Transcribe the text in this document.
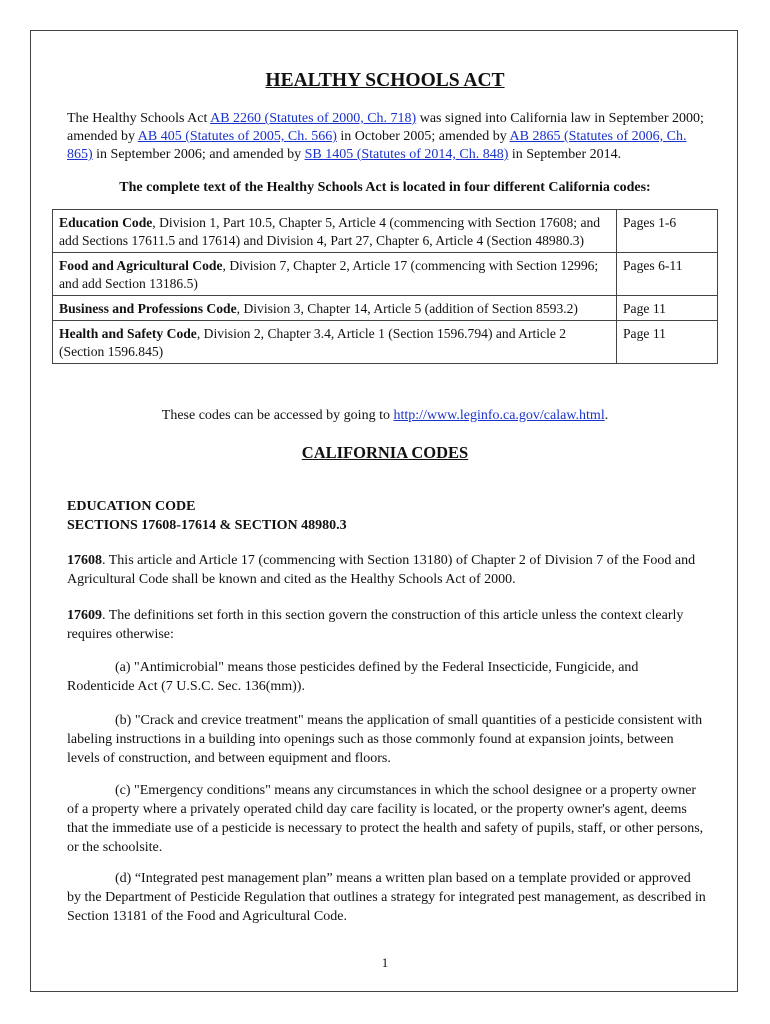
HEALTHY SCHOOLS ACT
The Healthy Schools Act AB 2260 (Statutes of 2000, Ch. 718) was signed into California law in September 2000; amended by AB 405 (Statutes of 2005, Ch. 566) in October 2005; amended by AB 2865 (Statutes of 2006, Ch. 865) in September 2006; and amended by SB 1405 (Statutes of 2014, Ch. 848) in September 2014.
The complete text of the Healthy Schools Act is located in four different California codes:
Education Code, Division 1, Part 10.5, Chapter 5, Article 4 (commencing with Section 17608; and add Sections 17611.5 and 17614) and Division 4, Part 27, Chapter 6, Article 4 (Section 48980.3)	Pages 1-6
Food and Agricultural Code, Division 7, Chapter 2, Article 17 (commencing with Section 12996; and add Section 13186.5)	Pages 6-11
Business and Professions Code, Division 3, Chapter 14, Article 5 (addition of Section 8593.2)	Page 11
Health and Safety Code, Division 2, Chapter 3.4, Article 1 (Section 1596.794) and Article 2 (Section 1596.845)	Page 11
These codes can be accessed by going to http://www.leginfo.ca.gov/calaw.html.
CALIFORNIA CODES
EDUCATION CODE
SECTIONS 17608-17614 & SECTION 48980.3
17608. This article and Article 17 (commencing with Section 13180) of Chapter 2 of Division 7 of the Food and Agricultural Code shall be known and cited as the Healthy Schools Act of 2000.
17609. The definitions set forth in this section govern the construction of this article unless the context clearly requires otherwise:
(a) "Antimicrobial" means those pesticides defined by the Federal Insecticide, Fungicide, and Rodenticide Act (7 U.S.C. Sec. 136(mm)).
(b) "Crack and crevice treatment" means the application of small quantities of a pesticide consistent with labeling instructions in a building into openings such as those commonly found at expansion joints, between levels of construction, and between equipment and floors.
(c) "Emergency conditions" means any circumstances in which the school designee or a property owner of a property where a privately operated child day care facility is located, or the property owner's agent, deems that the immediate use of a pesticide is necessary to protect the health and safety of pupils, staff, or other persons, or the schoolsite.
(d) “Integrated pest management plan” means a written plan based on a template provided or approved by the Department of Pesticide Regulation that outlines a strategy for integrated pest management, as described in Section 13181 of the Food and Agricultural Code.
1
